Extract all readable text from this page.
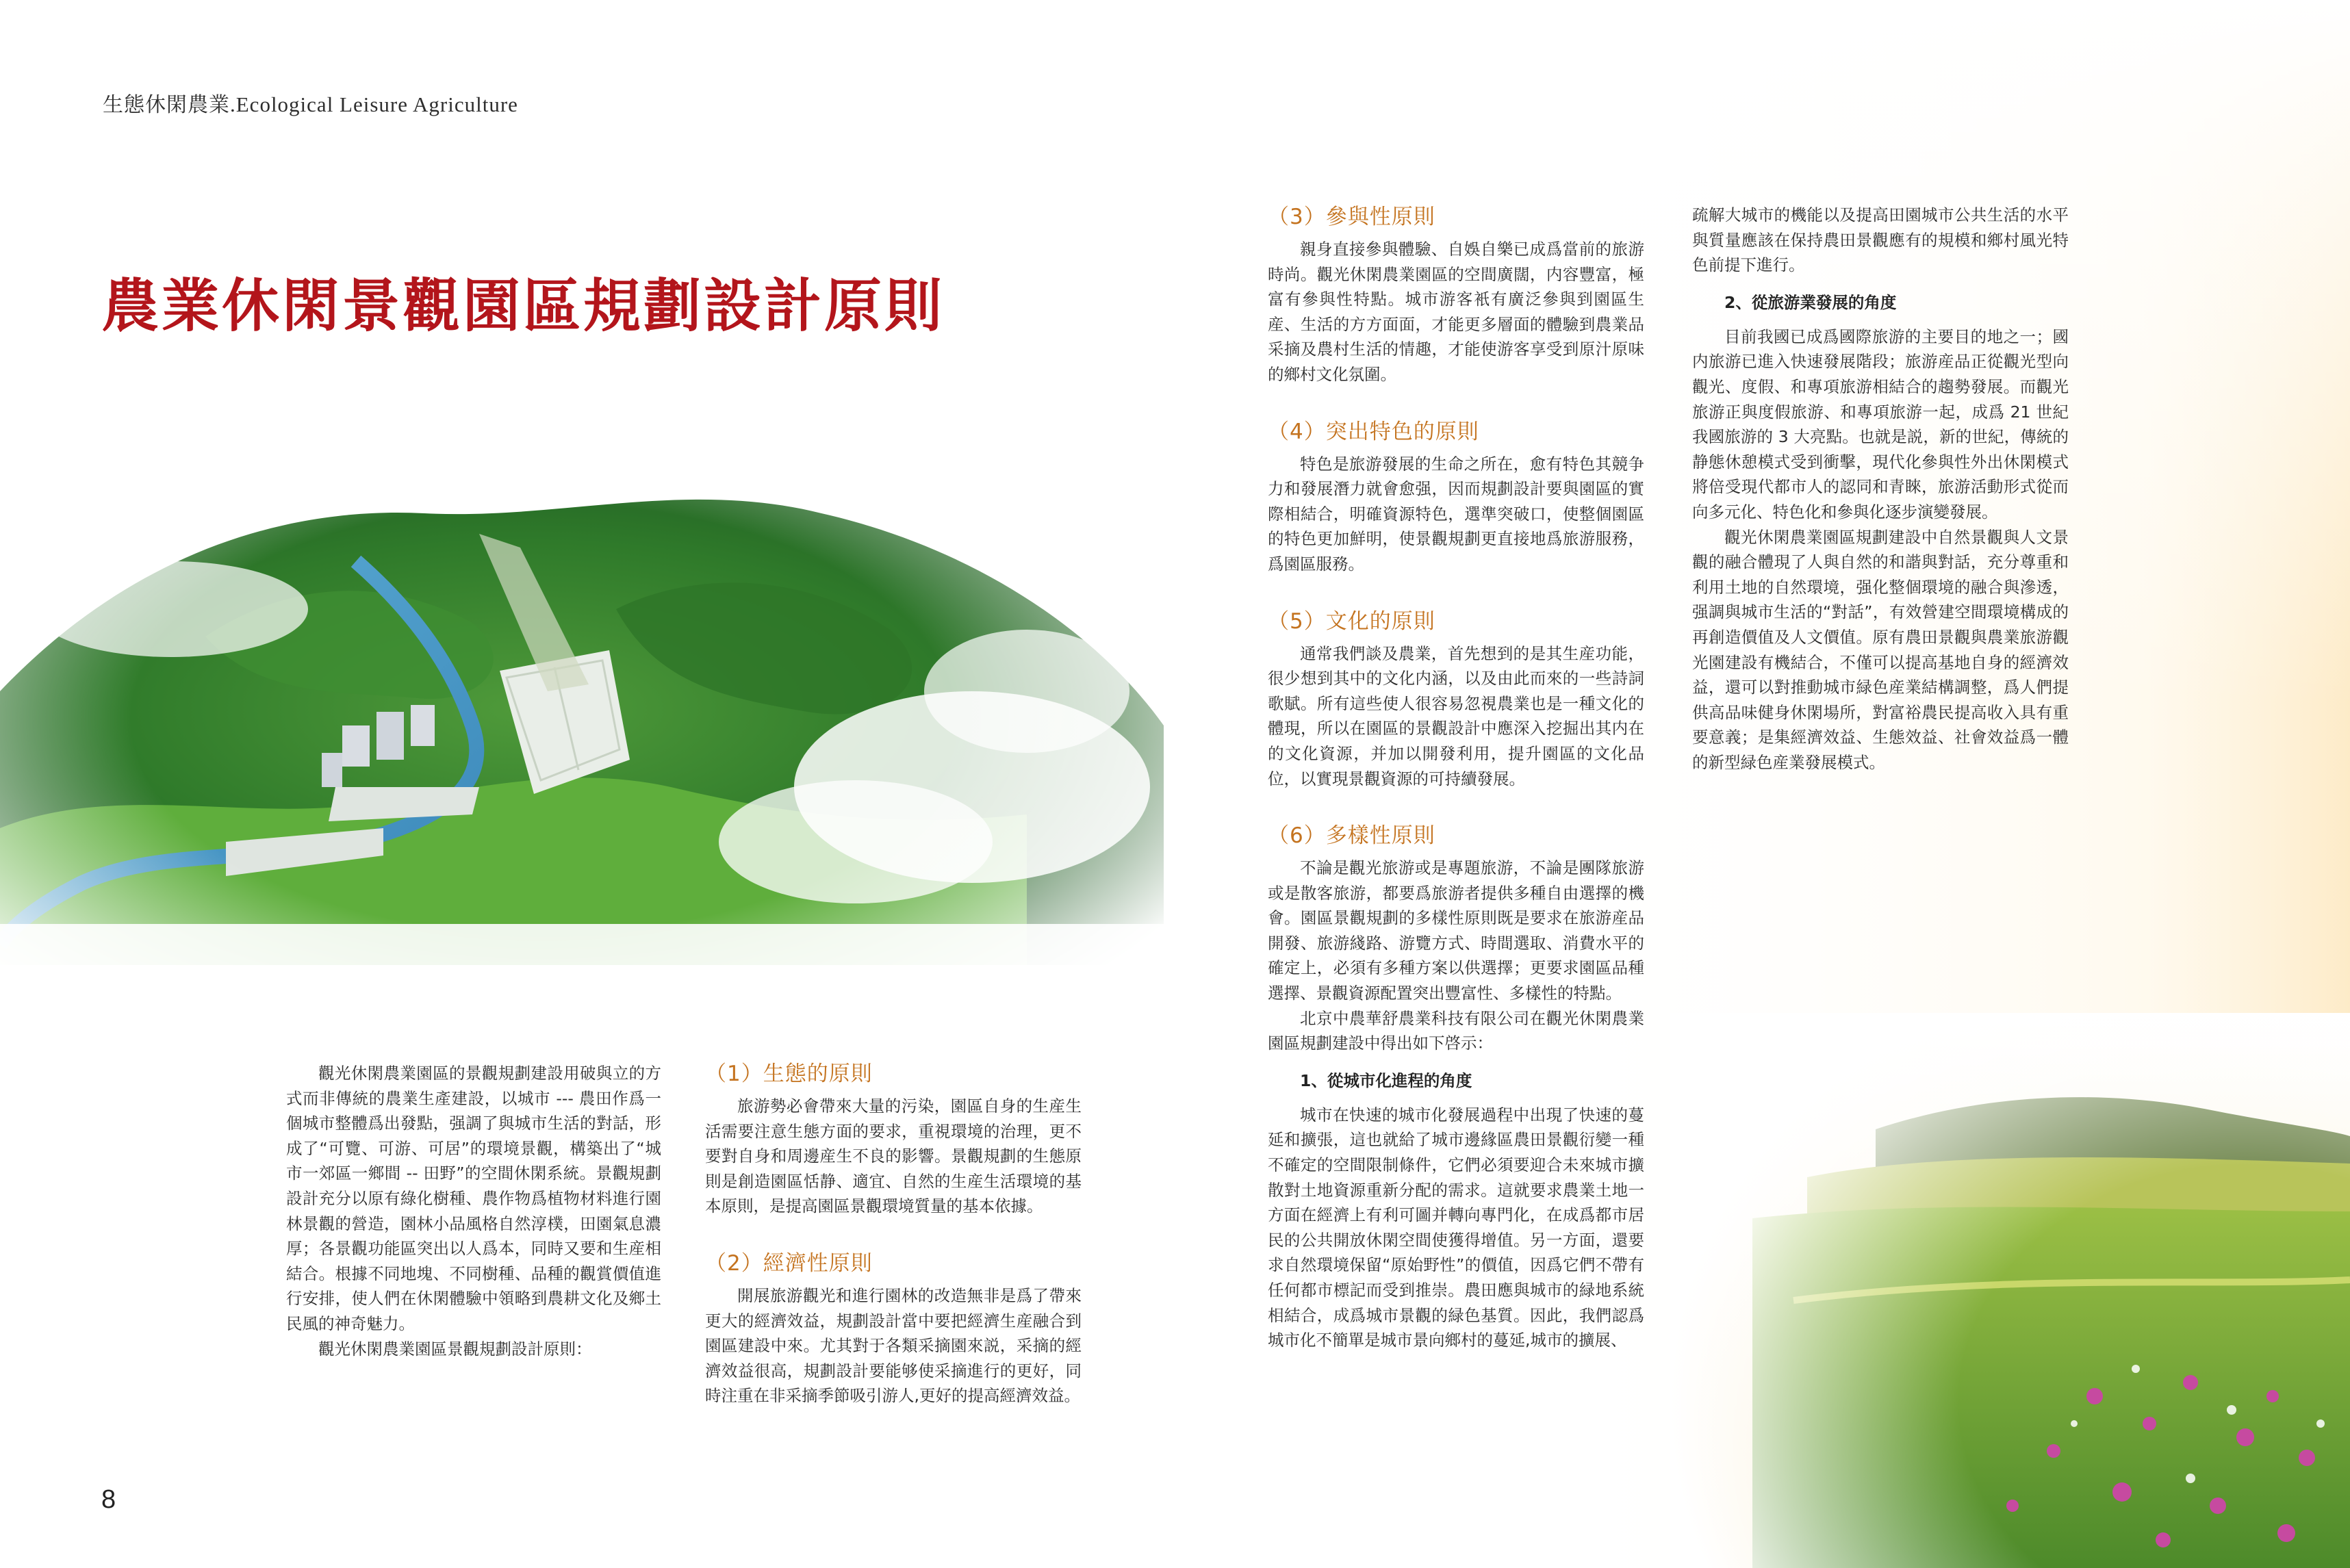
生態休閑農業.Ecological Leisure Agriculture
農業休閑景觀園區規劃設計原則

觀光休閑農業園區的景觀規劃建設用破與立的方式而非傳統的農業生產建設，以城市 --- 農田作爲一個城市整體爲出發點，强調了與城市生活的對話，形成了“可覽、可游、可居”的環境景觀，構築出了“城市一郊區一鄉間 -- 田野”的空間休閑系統。景觀規劃設計充分以原有綠化樹種、農作物爲植物材料進行園林景觀的營造，園林小品風格自然淳樸，田園氣息濃厚；各景觀功能區突出以人爲本，同時又要和生産相結合。根據不同地塊、不同樹種、品種的觀賞價值進行安排，使人們在休閑體驗中領略到農耕文化及鄉土民風的神奇魅力。

觀光休閑農業園區景觀規劃設計原則：

（1）生態的原則

旅游勢必會帶來大量的污染，園區自身的生産生活需要注意生態方面的要求，重視環境的治理，更不要對自身和周邊産生不良的影響。景觀規劃的生態原則是創造園區恬静、適宜、自然的生産生活環境的基本原則，是提高園區景觀環境質量的基本依據。

（2）經濟性原則

開展旅游觀光和進行園林的改造無非是爲了帶來更大的經濟效益，規劃設計當中要把經濟生産融合到園區建設中來。尤其對于各類采摘園來説，采摘的經濟效益很高，規劃設計要能够使采摘進行的更好，同時注重在非采摘季節吸引游人,更好的提高經濟效益。

（3）參與性原則

親身直接參與體驗、自娛自樂已成爲當前的旅游時尚。觀光休閑農業園區的空間廣闊，内容豐富，極富有參與性特點。城市游客衹有廣泛參與到園區生産、生活的方方面面，才能更多層面的體驗到農業品采摘及農村生活的情趣，才能使游客享受到原汁原味的鄉村文化氛圍。

（4）突出特色的原則

特色是旅游發展的生命之所在，愈有特色其競争力和發展潛力就會愈强，因而規劃設計要與園區的實際相結合，明確資源特色，選準突破口，使整個園區的特色更加鮮明，使景觀規劃更直接地爲旅游服務，爲園區服務。

（5）文化的原則

通常我們談及農業，首先想到的是其生産功能，很少想到其中的文化内涵，以及由此而來的一些詩詞歌賦。所有這些使人很容易忽視農業也是一種文化的體現，所以在園區的景觀設計中應深入挖掘出其内在的文化資源，并加以開發利用，提升園區的文化品位，以實現景觀資源的可持續發展。

（6）多樣性原則

不論是觀光旅游或是專題旅游，不論是團隊旅游或是散客旅游，都要爲旅游者提供多種自由選擇的機會。園區景觀規劃的多樣性原則既是要求在旅游産品開發、旅游綫路、游覽方式、時間選取、消費水平的確定上，必須有多種方案以供選擇；更要求園區品種選擇、景觀資源配置突出豐富性、多樣性的特點。

北京中農華舒農業科技有限公司在觀光休閑農業園區規劃建設中得出如下啓示：

1、從城市化進程的角度

城市在快速的城市化發展過程中出現了快速的蔓延和擴張，這也就給了城市邊緣區農田景觀衍變一種不確定的空間限制條件，它們必須要迎合未來城市擴散對土地資源重新分配的需求。這就要求農業土地一方面在經濟上有利可圖并轉向專門化，在成爲都市居民的公共開放休閑空間使獲得增值。另一方面，還要求自然環境保留“原始野性”的價值，因爲它們不帶有任何都市標記而受到推崇。農田應與城市的緑地系統相結合，成爲城市景觀的緑色基質。因此，我們認爲城市化不簡單是城市景向鄉村的蔓延,城市的擴展、

疏解大城市的機能以及提高田園城市公共生活的水平與質量應該在保持農田景觀應有的規模和鄉村風光特色前提下進行。

2、從旅游業發展的角度

目前我國已成爲國際旅游的主要目的地之一；國内旅游已進入快速發展階段；旅游産品正從觀光型向觀光、度假、和專項旅游相結合的趨勢發展。而觀光旅游正與度假旅游、和專項旅游一起，成爲 21 世紀我國旅游的 3 大亮點。也就是説，新的世紀，傳統的静態休憩模式受到衝擊，現代化參與性外出休閑模式將倍受現代都市人的認同和青睞，旅游活動形式從而向多元化、特色化和參與化逐步演變發展。

觀光休閑農業園區規劃建設中自然景觀與人文景觀的融合體現了人與自然的和諧與對話，充分尊重和利用土地的自然環境，强化整個環境的融合與滲透，强調與城市生活的“對話”，有效營建空間環境構成的再創造價值及人文價值。原有農田景觀與農業旅游觀光園建設有機結合，不僅可以提高基地自身的經濟效益，還可以對推動城市緑色産業結構調整，爲人們提供高品味健身休閑場所，對富裕農民提高收入具有重要意義；是集經濟效益、生態效益、社會效益爲一體的新型緑色産業發展模式。

8
